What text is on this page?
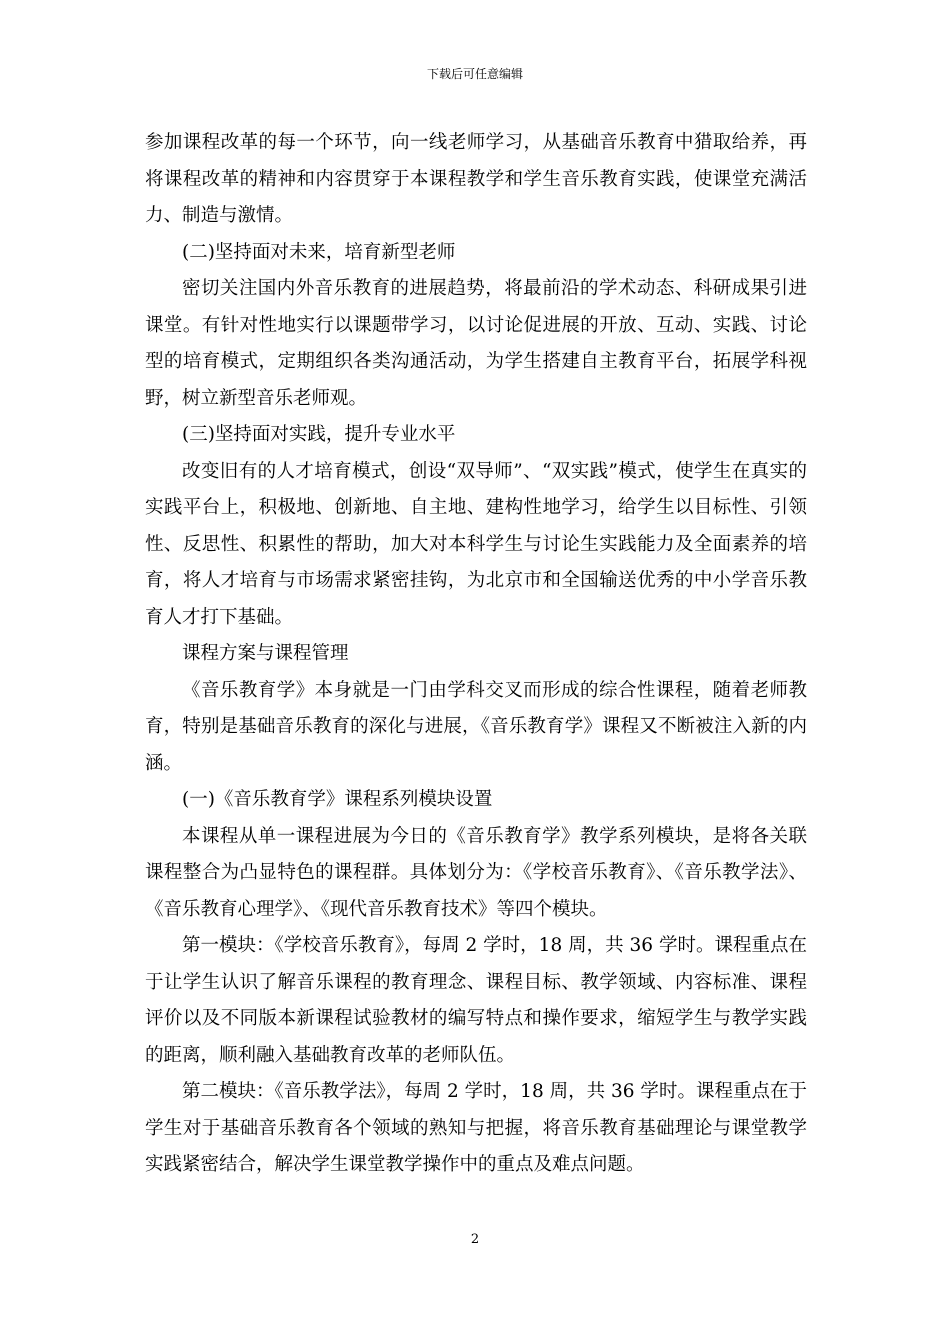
下载后可任意编辑

参加课程改革的每一个环节，向一线老师学习，从基础音乐教育中猎取给养，再将课程改革的精神和内容贯穿于本课程教学和学生音乐教育实践，使课堂充满活力、制造与激情。

(二)坚持面对未来，培育新型老师

密切关注国内外音乐教育的进展趋势，将最前沿的学术动态、科研成果引进课堂。有针对性地实行以课题带学习，以讨论促进展的开放、互动、实践、讨论型的培育模式，定期组织各类沟通活动，为学生搭建自主教育平台，拓展学科视野，树立新型音乐老师观。

(三)坚持面对实践，提升专业水平

改变旧有的人才培育模式，创设“双导师”、“双实践”模式，使学生在真实的实践平台上，积极地、创新地、自主地、建构性地学习，给学生以目标性、引领性、反思性、积累性的帮助，加大对本科学生与讨论生实践能力及全面素养的培育，将人才培育与市场需求紧密挂钩，为北京市和全国输送优秀的中小学音乐教育人才打下基础。

课程方案与课程管理

《音乐教育学》本身就是一门由学科交叉而形成的综合性课程，随着老师教育，特别是基础音乐教育的深化与进展，《音乐教育学》课程又不断被注入新的内涵。

(一)《音乐教育学》课程系列模块设置

本课程从单一课程进展为今日的《音乐教育学》教学系列模块，是将各关联课程整合为凸显特色的课程群。具体划分为：《学校音乐教育》、《音乐教学法》、《音乐教育心理学》、《现代音乐教育技术》等四个模块。

第一模块：《学校音乐教育》，每周 2 学时，18 周，共 36 学时。课程重点在于让学生认识了解音乐课程的教育理念、课程目标、教学领域、内容标准、课程评价以及不同版本新课程试验教材的编写特点和操作要求，缩短学生与教学实践的距离，顺利融入基础教育改革的老师队伍。

第二模块：《音乐教学法》，每周 2 学时，18 周，共 36 学时。课程重点在于学生对于基础音乐教育各个领域的熟知与把握，将音乐教育基础理论与课堂教学实践紧密结合，解决学生课堂教学操作中的重点及难点问题。

2
